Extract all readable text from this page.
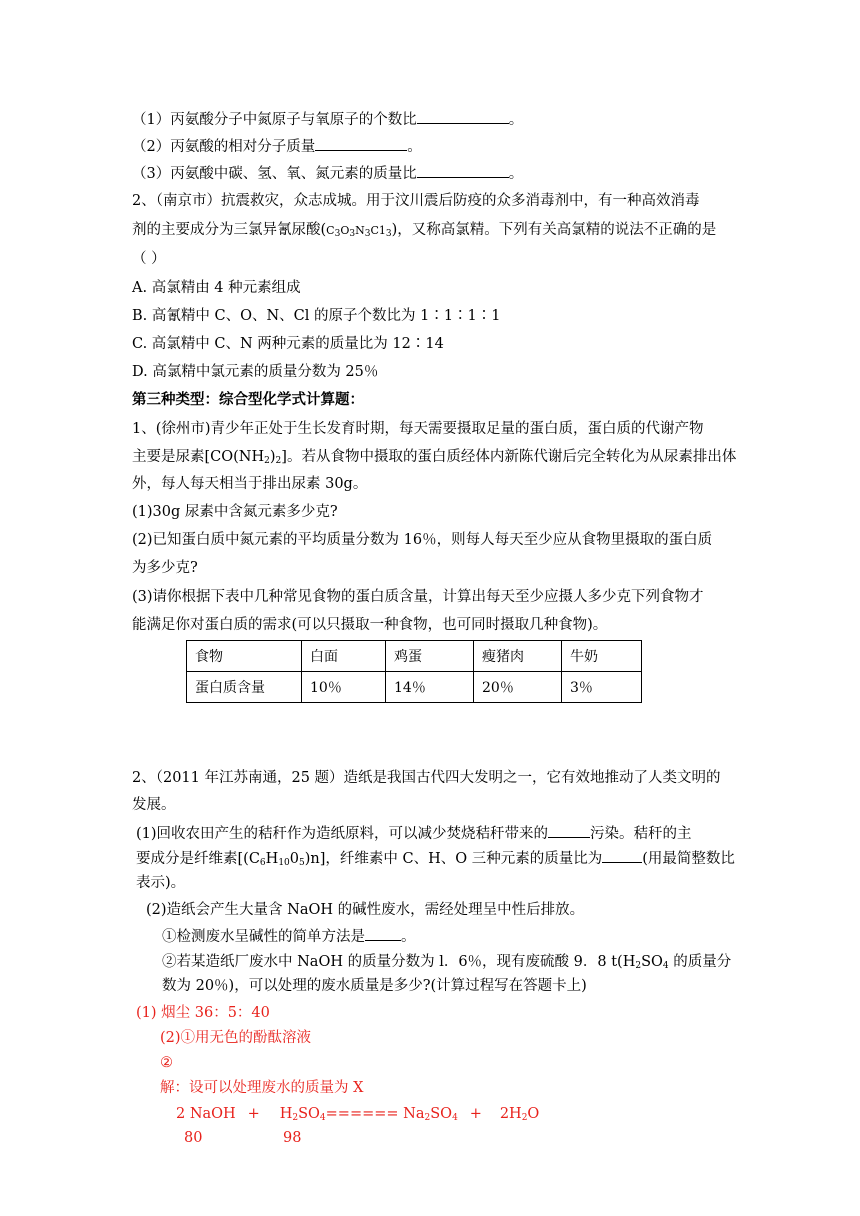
（1）丙氨酸分子中氮原子与氧原子的个数比	。
（2）丙氨酸的相对分子质量	。
（3）丙氨酸中碳、氢、氧、氮元素的质量比	。
2、（南京市）抗震救灾，众志成城。用于汶川震后防疫的众多消毒剂中，有一种高效消毒
剂的主要成分为三氯异氰尿酸$(C_3O_3N_3C1_3)$，又称高氯精。下列有关高氯精的说法不正确的是
（ ）
A. 高氯精由 4 种元素组成
B. 高氰精中 C、O、N、Cl 的原子个数比为 1∶1∶1∶1
C. 高氯精中 C、N 两种元素的质量比为 12∶14
D. 高氯精中氯元素的质量分数为 25％
第三种类型：综合型化学式计算题：
1、(徐州市)青少年正处于生长发育时期，每天需要摄取足量的蛋白质，蛋白质的代谢产物
主要是尿素$[CO(NH_2)_2]$。若从食物中摄取的蛋白质经体内新陈代谢后完全转化为从尿素排出体
外，每人每天相当于排出尿素 30g。
(1)30g 尿素中含氮元素多少克?
(2)已知蛋白质中氮元素的平均质量分数为 16％，则每人每天至少应从食物里摄取的蛋白质
为多少克?
(3)请你根据下表中几种常见食物的蛋白质含量，计算出每天至少应摄人多少克下列食物才
能满足你对蛋白质的需求(可以只摄取一种食物，也可同时摄取几种食物)。
食物	白面	鸡蛋	瘦猪肉	牛奶
蛋白质含量	10％	14％	20％	3％
2、（2011 年江苏南通，25 题）造纸是我国古代四大发明之一，它有效地推动了人类文明的
发展。
(1)回收农田产生的秸秆作为造纸原料，可以减少焚烧秸秆带来的	污染。秸秆的主
要成分是纤维素$[(C_6H_{10}0_5)n]$，纤维素中 C、H、O 三种元素的质量比为	(用最简整数比
表示)。
(2)造纸会产生大量含 NaOH 的碱性废水，需经处理呈中性后排放。
①检测废水呈碱性的简单方法是 。
②若某造纸厂废水中 NaOH 的质量分数为 l．6％，现有废硫酸 9．8 $t(H_2SO_4$ 的质量分
数为 20％)，可以处理的废水质量是多少?(计算过程写在答题卡上)
(1) 烟尘 36：5：40
(2)①用无色的酚酞溶液
②
解：设可以处理废水的质量为 X
2 NaOH + $H_2SO_4====== Na_2SO_4 + 2H_2O$
80	98
